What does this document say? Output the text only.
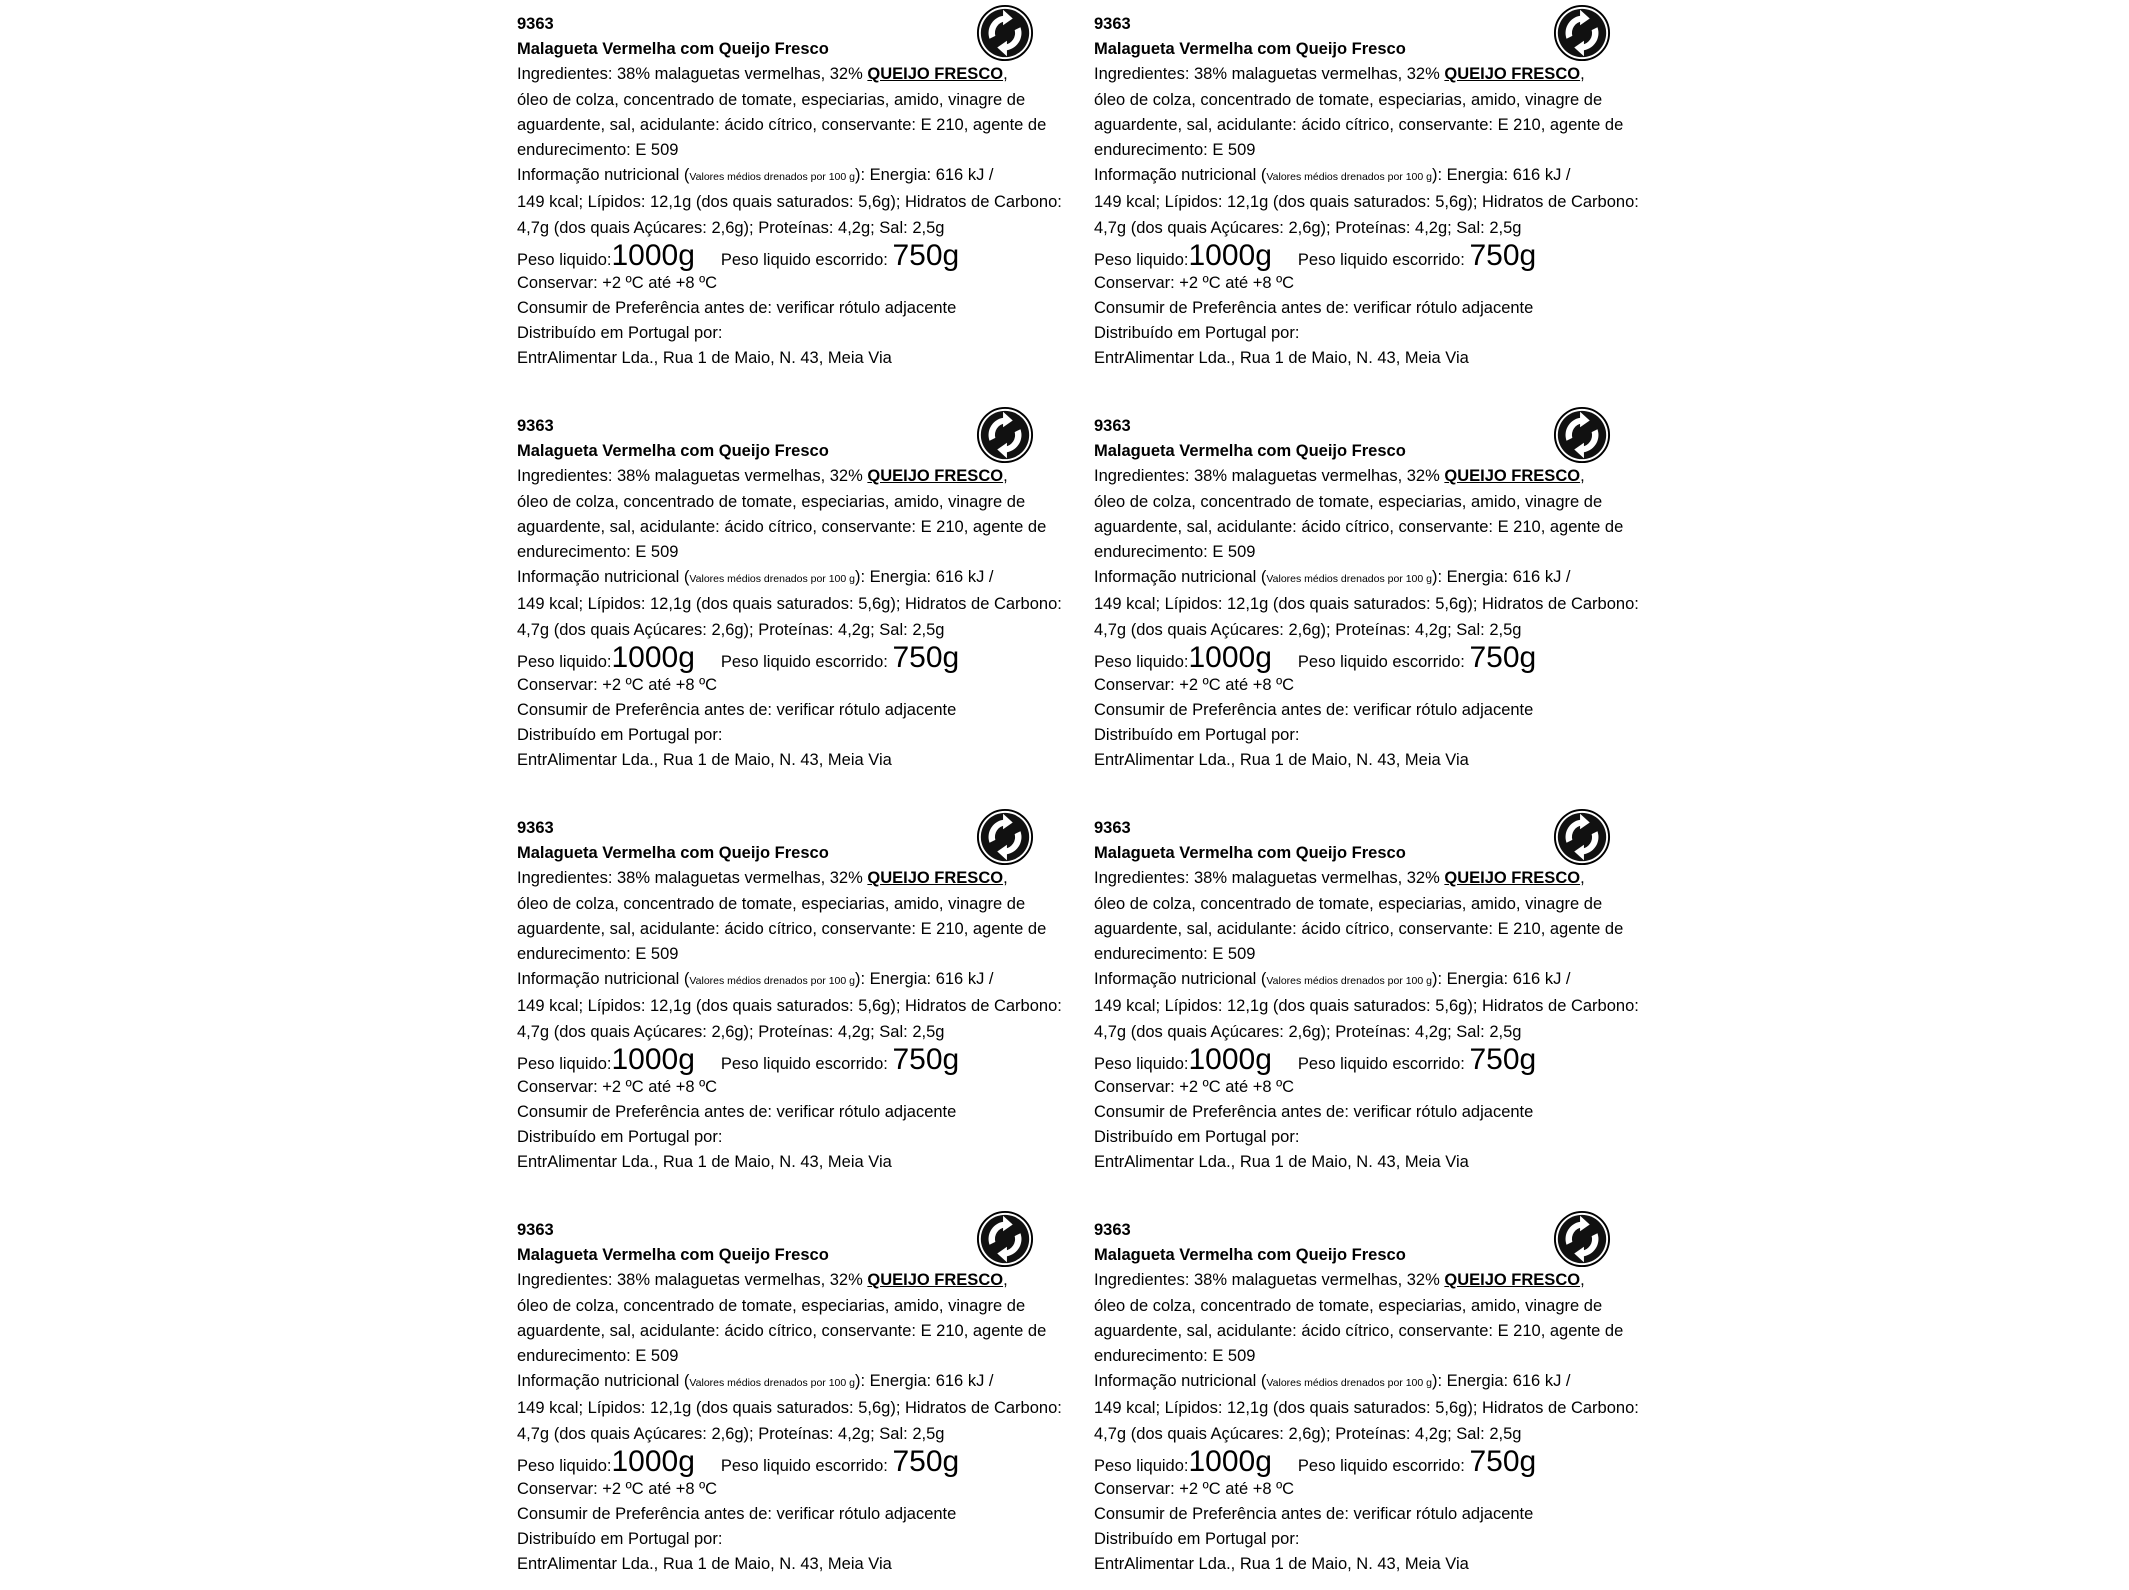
9363
Malagueta Vermelha com Queijo Fresco
Ingredientes: 38% malaguetas vermelhas, 32% QUEIJO FRESCO,
óleo de colza, concentrado de tomate, especiarias, amido, vinagre de
aguardente, sal, acidulante: ácido cítrico, conservante: E 210, agente de
endurecimento: E 509
Informação nutricional (Valores médios drenados por 100 g): Energia: 616 kJ /
149 kcal; Lípidos: 12,1g (dos quais saturados: 5,6g); Hidratos de Carbono:
4,7g (dos quais Açúcares: 2,6g); Proteínas: 4,2g; Sal: 2,5g
Peso liquido: 1000g Peso liquido escorrido:
750g
Conservar: +2 ºC até +8 ºC
Consumir de Preferência antes de: verificar rótulo adjacente
Distribuído em Portugal por:
EntrAlimentar Lda., Rua 1 de Maio, N. 43, Meia Via
9363
Malagueta Vermelha com Queijo Fresco
Ingredientes: 38% malaguetas vermelhas, 32% QUEIJO FRESCO,
óleo de colza, concentrado de tomate, especiarias, amido, vinagre de
aguardente, sal, acidulante: ácido cítrico, conservante: E 210, agente de
endurecimento: E 509
Informação nutricional (Valores médios drenados por 100 g): Energia: 616 kJ /
149 kcal; Lípidos: 12,1g (dos quais saturados: 5,6g); Hidratos de Carbono:
4,7g (dos quais Açúcares: 2,6g); Proteínas: 4,2g; Sal: 2,5g
Peso liquido: 1000g Peso liquido escorrido:
750g
Conservar: +2 ºC até +8 ºC
Consumir de Preferência antes de: verificar rótulo adjacente
Distribuído em Portugal por:
EntrAlimentar Lda., Rua 1 de Maio, N. 43, Meia Via
9363
Malagueta Vermelha com Queijo Fresco
Ingredientes: 38% malaguetas vermelhas, 32% QUEIJO FRESCO,
óleo de colza, concentrado de tomate, especiarias, amido, vinagre de
aguardente, sal, acidulante: ácido cítrico, conservante: E 210, agente de
endurecimento: E 509
Informação nutricional (Valores médios drenados por 100 g): Energia: 616 kJ /
149 kcal; Lípidos: 12,1g (dos quais saturados: 5,6g); Hidratos de Carbono:
4,7g (dos quais Açúcares: 2,6g); Proteínas: 4,2g; Sal: 2,5g
Peso liquido: 1000g Peso liquido escorrido:
750g
Conservar: +2 ºC até +8 ºC
Consumir de Preferência antes de: verificar rótulo adjacente
Distribuído em Portugal por:
EntrAlimentar Lda., Rua 1 de Maio, N. 43, Meia Via
9363
Malagueta Vermelha com Queijo Fresco
Ingredientes: 38% malaguetas vermelhas, 32% QUEIJO FRESCO,
óleo de colza, concentrado de tomate, especiarias, amido, vinagre de
aguardente, sal, acidulante: ácido cítrico, conservante: E 210, agente de
endurecimento: E 509
Informação nutricional (Valores médios drenados por 100 g): Energia: 616 kJ /
149 kcal; Lípidos: 12,1g (dos quais saturados: 5,6g); Hidratos de Carbono:
4,7g (dos quais Açúcares: 2,6g); Proteínas: 4,2g; Sal: 2,5g
Peso liquido: 1000g Peso liquido escorrido:
750g
Conservar: +2 ºC até +8 ºC
Consumir de Preferência antes de: verificar rótulo adjacente
Distribuído em Portugal por:
EntrAlimentar Lda., Rua 1 de Maio, N. 43, Meia Via
9363
Malagueta Vermelha com Queijo Fresco
Ingredientes: 38% malaguetas vermelhas, 32% QUEIJO FRESCO,
óleo de colza, concentrado de tomate, especiarias, amido, vinagre de
aguardente, sal, acidulante: ácido cítrico, conservante: E 210, agente de
endurecimento: E 509
Informação nutricional (Valores médios drenados por 100 g): Energia: 616 kJ /
149 kcal; Lípidos: 12,1g (dos quais saturados: 5,6g); Hidratos de Carbono:
4,7g (dos quais Açúcares: 2,6g); Proteínas: 4,2g; Sal: 2,5g
Peso liquido: 1000g Peso liquido escorrido:
750g
Conservar: +2 ºC até +8 ºC
Consumir de Preferência antes de: verificar rótulo adjacente
Distribuído em Portugal por:
EntrAlimentar Lda., Rua 1 de Maio, N. 43, Meia Via
9363
Malagueta Vermelha com Queijo Fresco
Ingredientes: 38% malaguetas vermelhas, 32% QUEIJO FRESCO,
óleo de colza, concentrado de tomate, especiarias, amido, vinagre de
aguardente, sal, acidulante: ácido cítrico, conservante: E 210, agente de
endurecimento: E 509
Informação nutricional (Valores médios drenados por 100 g): Energia: 616 kJ /
149 kcal; Lípidos: 12,1g (dos quais saturados: 5,6g); Hidratos de Carbono:
4,7g (dos quais Açúcares: 2,6g); Proteínas: 4,2g; Sal: 2,5g
Peso liquido: 1000g Peso liquido escorrido:
750g
Conservar: +2 ºC até +8 ºC
Consumir de Preferência antes de: verificar rótulo adjacente
Distribuído em Portugal por:
EntrAlimentar Lda., Rua 1 de Maio, N. 43, Meia Via
9363
Malagueta Vermelha com Queijo Fresco
Ingredientes: 38% malaguetas vermelhas, 32% QUEIJO FRESCO,
óleo de colza, concentrado de tomate, especiarias, amido, vinagre de
aguardente, sal, acidulante: ácido cítrico, conservante: E 210, agente de
endurecimento: E 509
Informação nutricional (Valores médios drenados por 100 g): Energia: 616 kJ /
149 kcal; Lípidos: 12,1g (dos quais saturados: 5,6g); Hidratos de Carbono:
4,7g (dos quais Açúcares: 2,6g); Proteínas: 4,2g; Sal: 2,5g
Peso liquido: 1000g Peso liquido escorrido:
750g
Conservar: +2 ºC até +8 ºC
Consumir de Preferência antes de: verificar rótulo adjacente
Distribuído em Portugal por:
EntrAlimentar Lda., Rua 1 de Maio, N. 43, Meia Via
9363
Malagueta Vermelha com Queijo Fresco
Ingredientes: 38% malaguetas vermelhas, 32% QUEIJO FRESCO,
óleo de colza, concentrado de tomate, especiarias, amido, vinagre de
aguardente, sal, acidulante: ácido cítrico, conservante: E 210, agente de
endurecimento: E 509
Informação nutricional (Valores médios drenados por 100 g): Energia: 616 kJ /
149 kcal; Lípidos: 12,1g (dos quais saturados: 5,6g); Hidratos de Carbono:
4,7g (dos quais Açúcares: 2,6g); Proteínas: 4,2g; Sal: 2,5g
Peso liquido: 1000g Peso liquido escorrido:
750g
Conservar: +2 ºC até +8 ºC
Consumir de Preferência antes de: verificar rótulo adjacente
Distribuído em Portugal por:
EntrAlimentar Lda., Rua 1 de Maio, N. 43, Meia Via
